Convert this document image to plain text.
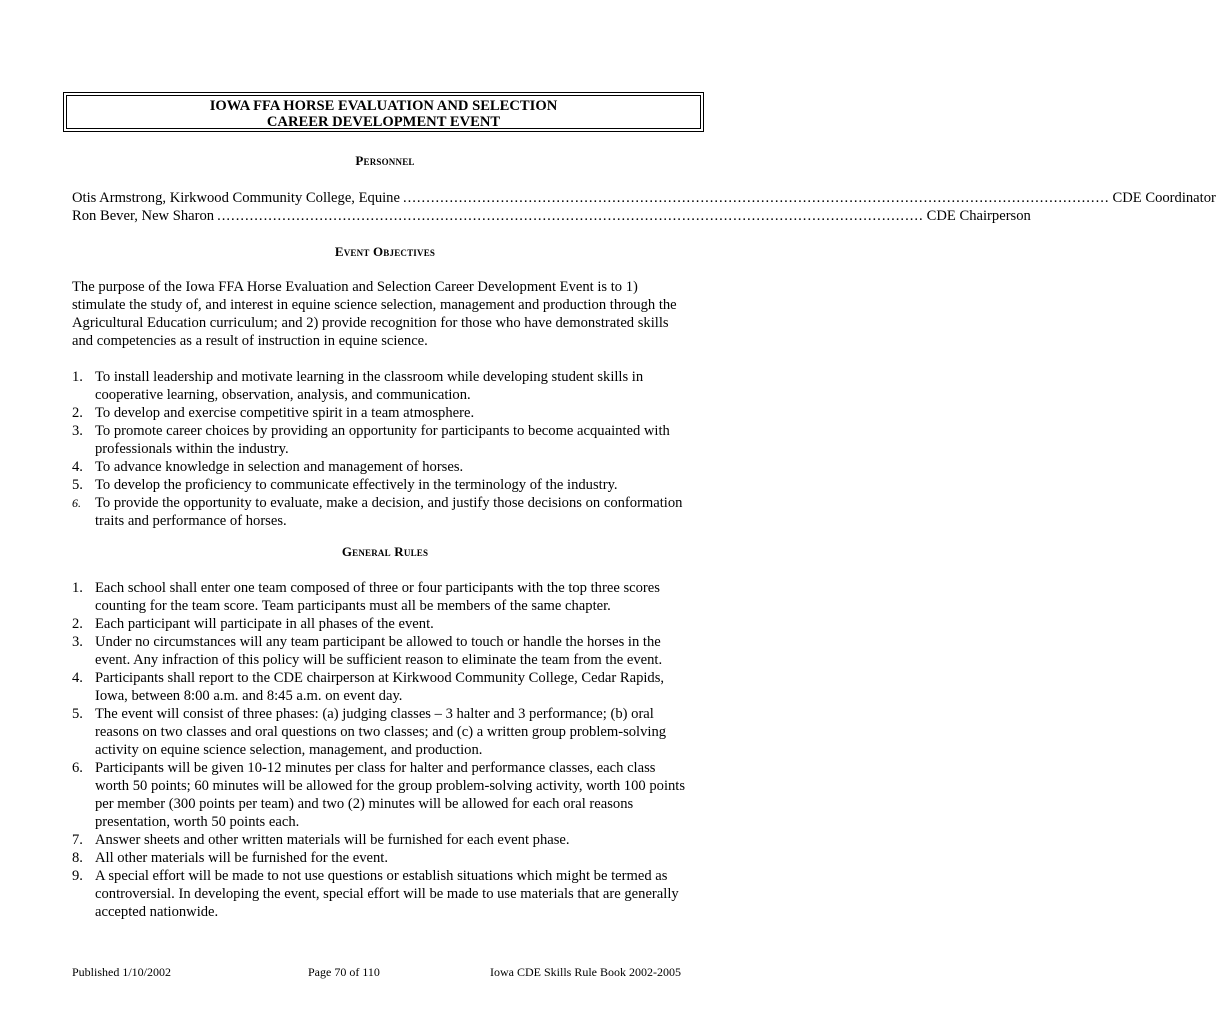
IOWA FFA HORSE EVALUATION AND SELECTION
CAREER DEVELOPMENT EVENT
Personnel
Otis Armstrong, Kirkwood Community College, Equine ........................................................................................................................................................ CDE Coordinator
Ron Bever, New Sharon ........................................................................................................................................................ CDE Chairperson
Event Objectives
The purpose of the Iowa FFA Horse Evaluation and Selection Career Development Event is to 1) stimulate the study of, and interest in equine science selection, management and production through the Agricultural Education curriculum; and 2) provide recognition for those who have demonstrated skills and competencies as a result of instruction in equine science.
1. To install leadership and motivate learning in the classroom while developing student skills in cooperative learning, observation, analysis, and communication.
2. To develop and exercise competitive spirit in a team atmosphere.
3. To promote career choices by providing an opportunity for participants to become acquainted with professionals within the industry.
4. To advance knowledge in selection and management of horses.
5. To develop the proficiency to communicate effectively in the terminology of the industry.
6. To provide the opportunity to evaluate, make a decision, and justify those decisions on conformation traits and performance of horses.
General Rules
1. Each school shall enter one team composed of three or four participants with the top three scores counting for the team score. Team participants must all be members of the same chapter.
2. Each participant will participate in all phases of the event.
3. Under no circumstances will any team participant be allowed to touch or handle the horses in the event. Any infraction of this policy will be sufficient reason to eliminate the team from the event.
4. Participants shall report to the CDE chairperson at Kirkwood Community College, Cedar Rapids, Iowa, between 8:00 a.m. and 8:45 a.m. on event day.
5. The event will consist of three phases: (a) judging classes – 3 halter and 3 performance; (b) oral reasons on two classes and oral questions on two classes; and (c) a written group problem-solving activity on equine science selection, management, and production.
6. Participants will be given 10-12 minutes per class for halter and performance classes, each class worth 50 points; 60 minutes will be allowed for the group problem-solving activity, worth 100 points per member (300 points per team) and two (2) minutes will be allowed for each oral reasons presentation, worth 50 points each.
7. Answer sheets and other written materials will be furnished for each event phase.
8. All other materials will be furnished for the event.
9. A special effort will be made to not use questions or establish situations which might be termed as controversial. In developing the event, special effort will be made to use materials that are generally accepted nationwide.
Published 1/10/2002	Page 70 of 110	Iowa CDE Skills Rule Book 2002-2005
